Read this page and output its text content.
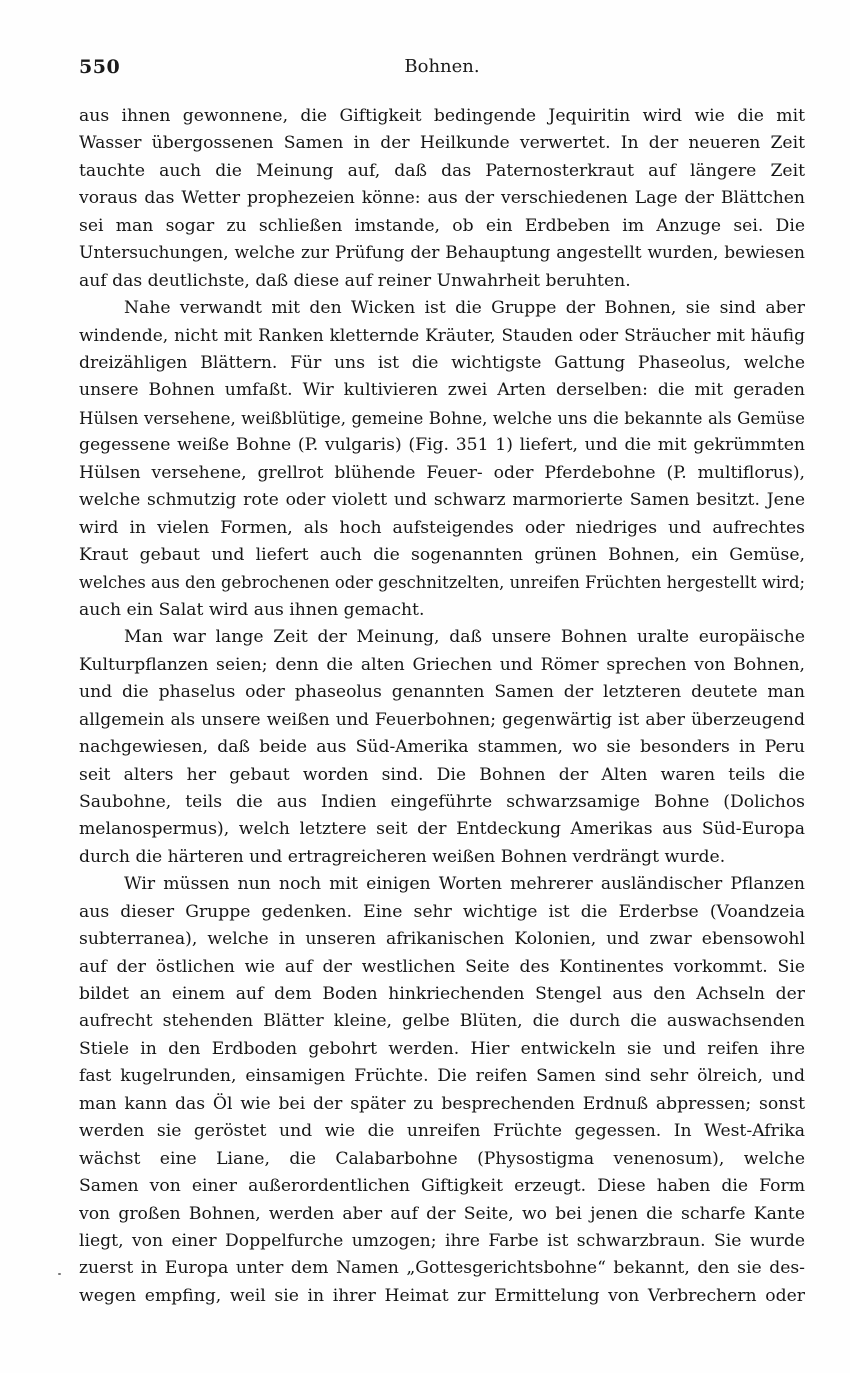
550	Bohnen.
aus ihnen gewonnene, die Giftigkeit bedingende Jequiritin wird wie die mit
Wasser übergossenen Samen in der Heilkunde verwertet. In der neueren Zeit
tauchte auch die Meinung auf, daß das Paternosterkraut auf längere Zeit
voraus das Wetter prophezeien könne: aus der verschiedenen Lage der Blättchen
sei man sogar zu schließen imstande, ob ein Erdbeben im Anzuge sei. Die
Untersuchungen, welche zur Prüfung der Behauptung angestellt wurden, bewiesen
auf das deutlichste, daß diese auf reiner Unwahrheit beruhten.
Nahe verwandt mit den Wicken ist die Gruppe der Bohnen, sie sind aber
windende, nicht mit Ranken kletternde Kräuter, Stauden oder Sträucher mit häufig
dreizähligen Blättern. Für uns ist die wichtigste Gattung Phaseolus, welche
unsere Bohnen umfaßt. Wir kultivieren zwei Arten derselben: die mit geraden
Hülsen versehene, weißblütige, gemeine Bohne, welche uns die bekannte als Gemüse
gegessene weiße Bohne (P. vulgaris) (Fig. 351 1) liefert, und die mit gekrümmten
Hülsen versehene, grellrot blühende Feuer- oder Pferdebohne (P. multiflorus),
welche schmutzig rote oder violett und schwarz marmorierte Samen besitzt. Jene
wird in vielen Formen, als hoch aufsteigendes oder niedriges und aufrechtes
Kraut gebaut und liefert auch die sogenannten grünen Bohnen, ein Gemüse,
welches aus den gebrochenen oder geschnitzelten, unreifen Früchten hergestellt wird;
auch ein Salat wird aus ihnen gemacht.
Man war lange Zeit der Meinung, daß unsere Bohnen uralte europäische
Kulturpflanzen seien; denn die alten Griechen und Römer sprechen von Bohnen,
und die phaselus oder phaseolus genannten Samen der letzteren deutete man
allgemein als unsere weißen und Feuerbohnen; gegenwärtig ist aber überzeugend
nachgewiesen, daß beide aus Süd-Amerika stammen, wo sie besonders in Peru
seit alters her gebaut worden sind. Die Bohnen der Alten waren teils die
Saubohne, teils die aus Indien eingeführte schwarzsamige Bohne (Dolichos
melanospermus), welch letztere seit der Entdeckung Amerikas aus Süd-Europa
durch die härteren und ertragreicheren weißen Bohnen verdrängt wurde.
Wir müssen nun noch mit einigen Worten mehrerer ausländischer Pflanzen
aus dieser Gruppe gedenken. Eine sehr wichtige ist die Erderbse (Voandzeia
subterranea), welche in unseren afrikanischen Kolonien, und zwar ebensowohl
auf der östlichen wie auf der westlichen Seite des Kontinentes vorkommt. Sie
bildet an einem auf dem Boden hinkriechenden Stengel aus den Achseln der
aufrecht stehenden Blätter kleine, gelbe Blüten, die durch die auswachsenden
Stiele in den Erdboden gebohrt werden. Hier entwickeln sie und reifen ihre
fast kugelrunden, einsamigen Früchte. Die reifen Samen sind sehr ölreich, und
man kann das Öl wie bei der später zu besprechenden Erdnuß abpressen; sonst
werden sie geröstet und wie die unreifen Früchte gegessen. In West-Afrika
wächst eine Liane, die Calabarbohne (Physostigma venenosum), welche
Samen von einer außerordentlichen Giftigkeit erzeugt. Diese haben die Form
von großen Bohnen, werden aber auf der Seite, wo bei jenen die scharfe Kante
liegt, von einer Doppelfurche umzogen; ihre Farbe ist schwarzbraun. Sie wurde
zuerst in Europa unter dem Namen „Gottesgerichtsbohne“ bekannt, den sie des-
wegen empfing, weil sie in ihrer Heimat zur Ermittelung von Verbrechern oder
